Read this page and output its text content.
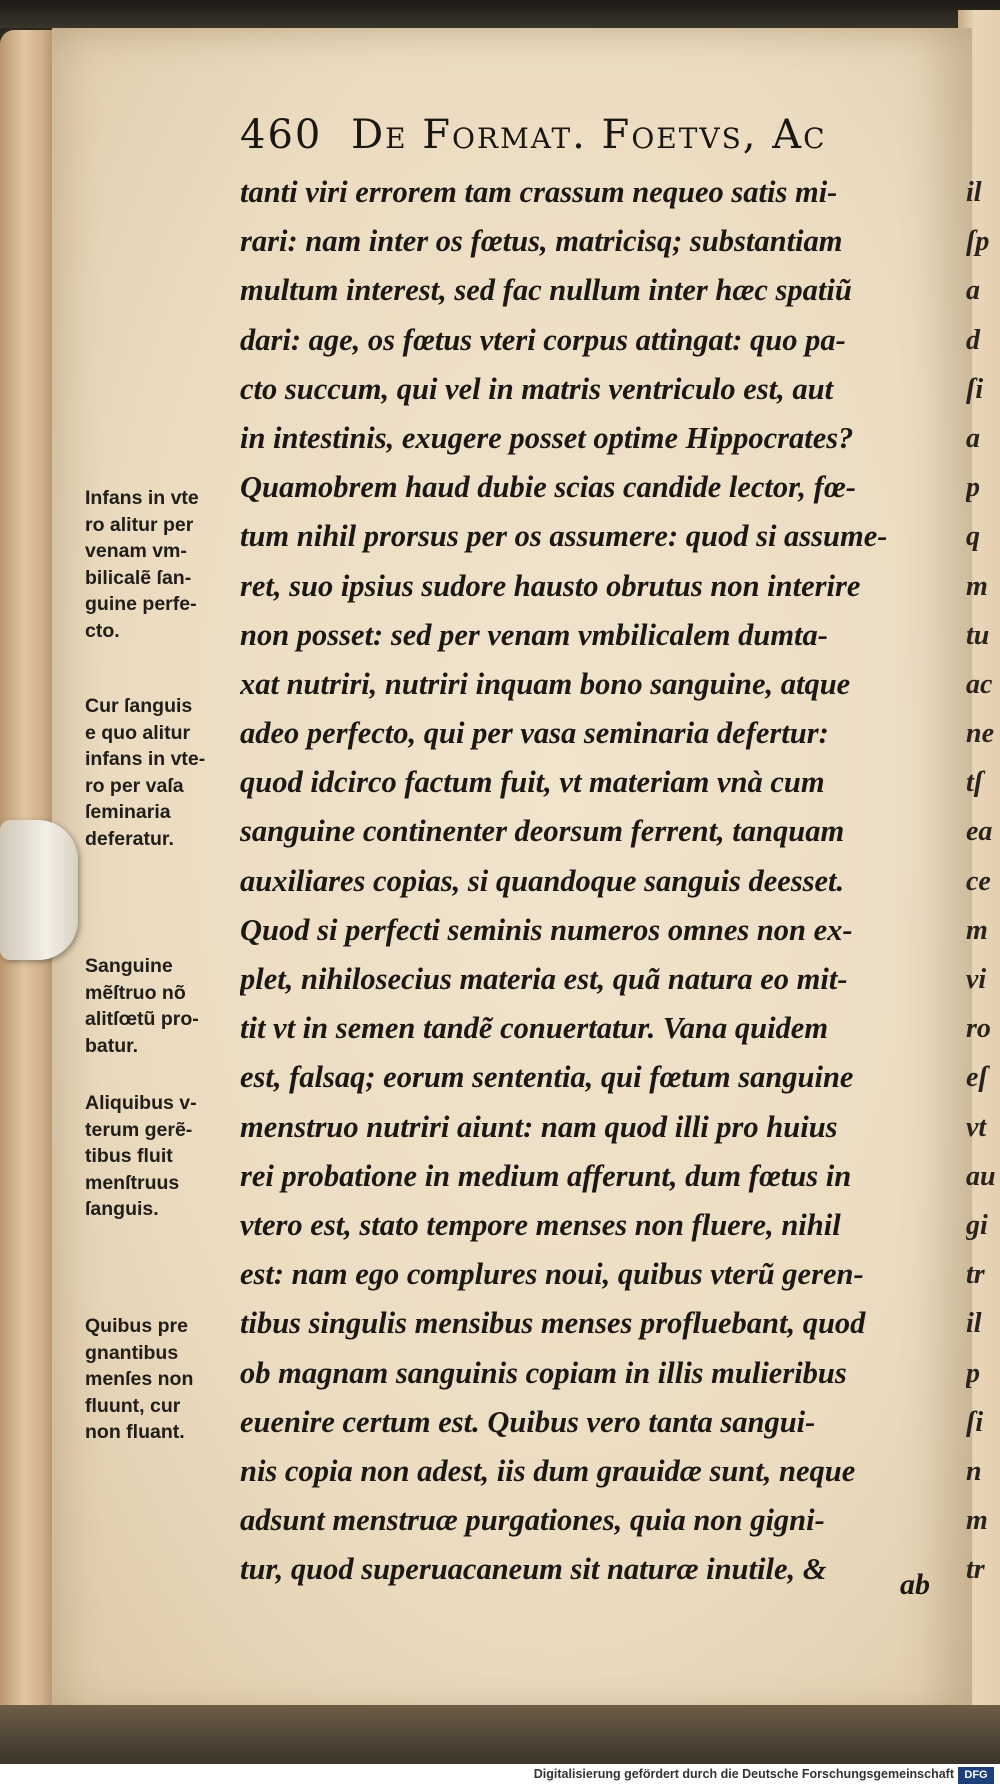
460 De Format. Foetvs, Ac
tanti viri errorem tam crassum nequeo satis mi-
rari: nam inter os fœtus, matricisq; substantiam
multum interest, sed fac nullum inter hæc spatiũ
dari: age, os fœtus vteri corpus attingat: quo pa-
cto succum, qui vel in matris ventriculo est, aut
in intestinis, exugere posset optime Hippocrates?
Quamobrem haud dubie scias candide lector, fœ-
tum nihil prorsus per os assumere: quod si assume-
ret, suo ipsius sudore hausto obrutus non interire
non posset: sed per venam vmbilicalem dumta-
xat nutriri, nutriri inquam bono sanguine, atque
adeo perfecto, qui per vasa seminaria defertur:
quod idcirco factum fuit, vt materiam vnà cum
sanguine continenter deorsum ferrent, tanquam
auxiliares copias, si quandoque sanguis deesset.
Quod si perfecti seminis numeros omnes non ex-
plet, nihilosecius materia est, quã natura eo mit-
tit vt in semen tandẽ conuertatur. Vana quidem
est, falsaq; eorum sententia, qui fœtum sanguine
menstruo nutriri aiunt: nam quod illi pro huius
rei probatione in medium afferunt, dum fœtus in
vtero est, stato tempore menses non fluere, nihil
est: nam ego complures noui, quibus vterũ geren-
tibus singulis mensibus menses profluebant, quod
ob magnam sanguinis copiam in illis mulieribus
euenire certum est. Quibus vero tanta sangui-
nis copia non adest, iis dum grauidæ sunt, neque
adsunt menstruæ purgationes, quia non gigni-
tur, quod superuacaneum sit naturæ inutile, &	ab
Infans in vte
ro alitur per
venam vm-
bilicalẽ ſan-
guine perfe-
cto.
Cur ſanguis
e quo alitur
infans in vte-
ro per vaſa
ſeminaria
deferatur.
Sanguine
mẽſtruo nõ
alitſœtũ pro-
batur.
Aliquibus v-
terum gerẽ-
tibus fluit
menſtruus
ſanguis.
Quibus pre
gnantibus
menſes non
fluunt, cur
non fluant.
il
ſp
a
d
ſi
a
p
q
m
tu
ac
ne
tſ
ea
ce
m
vi
ro
eſ
vt
au
gi
tr
il
p
ſi
n
m
tr
Digitalisierung gefördert durch die Deutsche Forschungsgemeinschaft DFG
